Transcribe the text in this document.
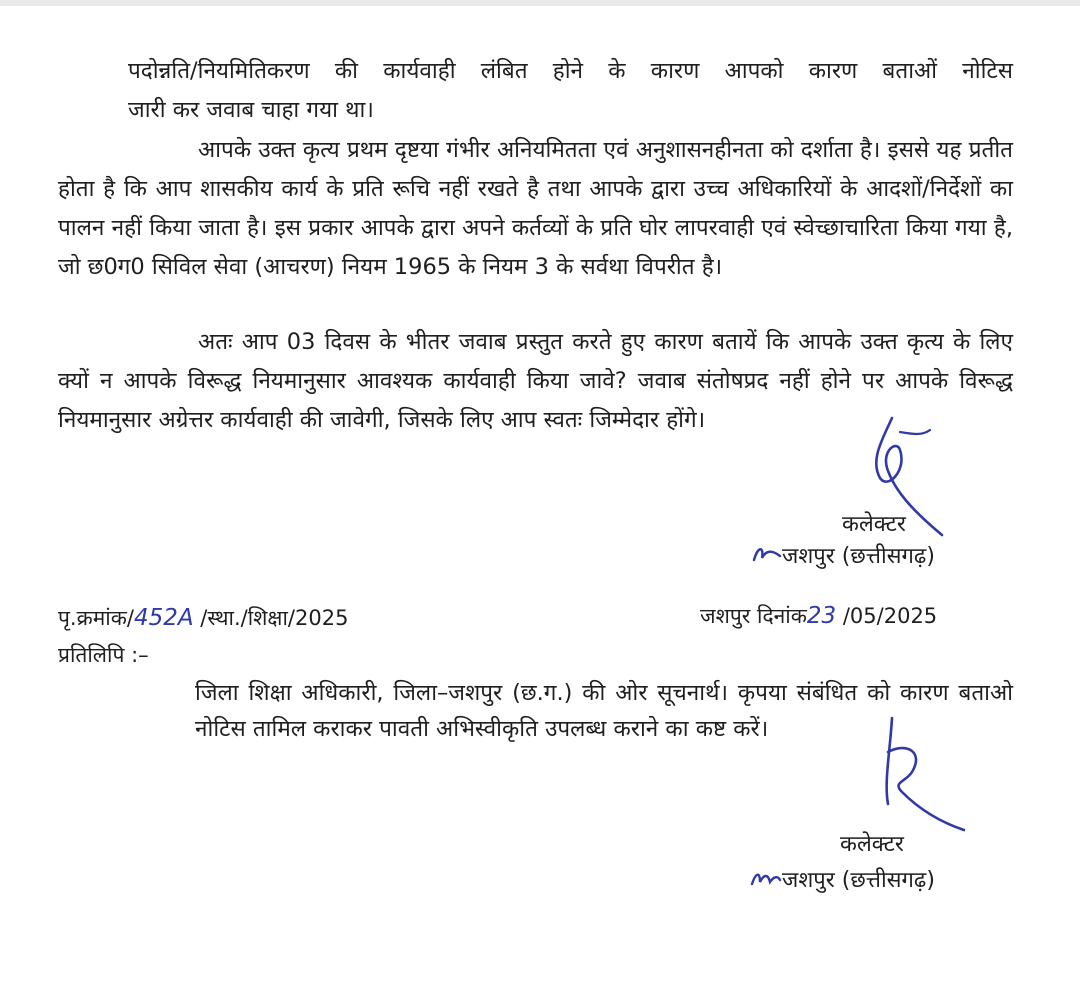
पदोन्नति/नियमितिकरण की कार्यवाही लंबित होने के कारण आपको कारण बताओं नोटिस
जारी कर जवाब चाहा गया था।

आपके उक्त कृत्य प्रथम दृष्टया गंभीर अनियमितता एवं अनुशासनहीनता को दर्शाता है। इससे यह प्रतीत होता है कि आप शासकीय कार्य के प्रति रूचि नहीं रखते है तथा आपके द्वारा उच्च अधिकारियों के आदशों/निर्देशों का पालन नहीं किया जाता है। इस प्रकार आपके द्वारा अपने कर्तव्यों के प्रति घोर लापरवाही एवं स्वेच्छाचारिता किया गया है, जो छ0ग0 सिविल सेवा (आचरण) नियम 1965 के नियम 3 के सर्वथा विपरीत है।

अतः आप 03 दिवस के भीतर जवाब प्रस्तुत करते हुए कारण बतायें कि आपके उक्त कृत्य के लिए क्यों न आपके विरूद्ध नियमानुसार आवश्यक कार्यवाही किया जावे? जवाब संतोषप्रद नहीं होने पर आपके विरूद्ध नियमानुसार अग्रेत्तर कार्यवाही की जावेगी, जिसके लिए आप स्वतः जिम्मेदार होंगे।

कलेक्टर
जशपुर (छत्तीसगढ़)
पृ.क्रमांक/452A /स्था./शिक्षा/2025	जशपुर दिनांक23 /05/2025
प्रतिलिपि :–

जिला शिक्षा अधिकारी, जिला–जशपुर (छ.ग.) की ओर सूचनार्थ। कृपया संबंधित को कारण बताओ नोटिस तामिल कराकर पावती अभिस्वीकृति उपलब्ध कराने का कष्ट करें।

कलेक्टर
जशपुर (छत्तीसगढ़)
